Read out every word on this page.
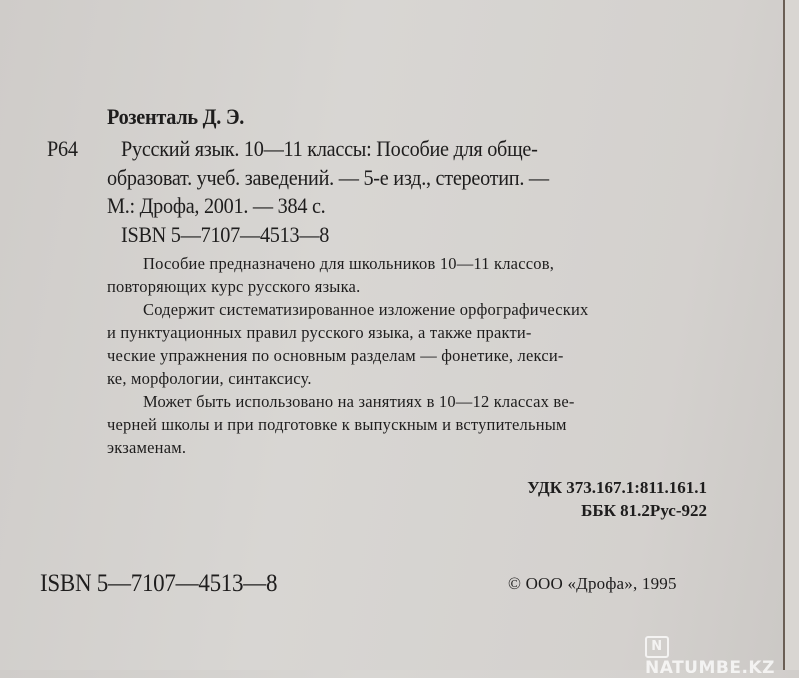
Розенталь Д. Э.
Р64 Русский язык. 10—11 классы: Пособие для обще-
образоват. учеб. заведений. — 5-е изд., стереотип. —
М.: Дрофа, 2001. — 384 с.
ISBN 5—7107—4513—8
Пособие предназначено для школьников 10—11 классов,
повторяющих курс русского языка.
Содержит систематизированное изложение орфографических
и пунктуационных правил русского языка, а также практи-
ческие упражнения по основным разделам — фонетике, лекси-
ке, морфологии, синтаксису.
Может быть использовано на занятиях в 10—12 классах ве-
черней школы и при подготовке к выпускным и вступительным
экзаменам.
УДК 373.167.1:811.161.1
ББК 81.2Рус-922
ISBN 5—7107—4513—8	© ООО «Дрофа», 1995
NNATUMBE.KZ
